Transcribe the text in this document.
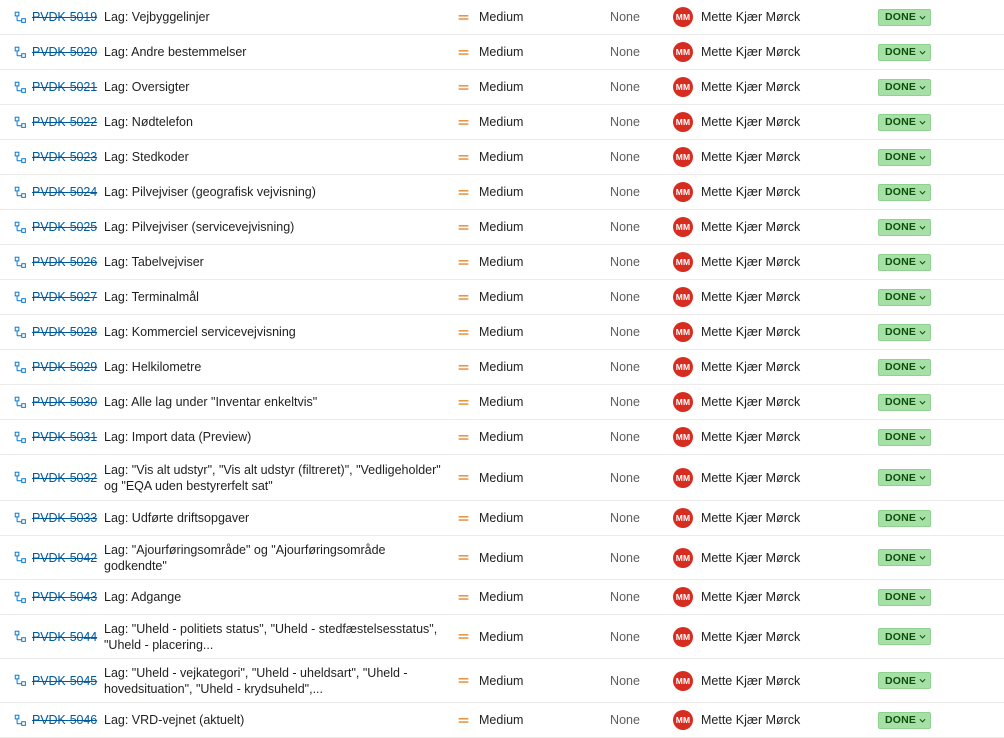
PVDK-5019 Lag: Vejbyggelinjer	Medium	None	MM Mette Kjær Mørck	DONE
PVDK-5020 Lag: Andre bestemmelser	Medium	None	MM Mette Kjær Mørck	DONE
PVDK-5021 Lag: Oversigter	Medium	None	MM Mette Kjær Mørck	DONE
PVDK-5022 Lag: Nødtelefon	Medium	None	MM Mette Kjær Mørck	DONE
PVDK-5023 Lag: Stedkoder	Medium	None	MM Mette Kjær Mørck	DONE
PVDK-5024 Lag: Pilvejviser (geografisk vejvisning)	Medium	None	MM Mette Kjær Mørck	DONE
PVDK-5025 Lag: Pilvejviser (servicevejvisning)	Medium	None	MM Mette Kjær Mørck	DONE
PVDK-5026 Lag: Tabelvejviser	Medium	None	MM Mette Kjær Mørck	DONE
PVDK-5027 Lag: Terminalmål	Medium	None	MM Mette Kjær Mørck	DONE
PVDK-5028 Lag: Kommerciel servicevejvisning	Medium	None	MM Mette Kjær Mørck	DONE
PVDK-5029 Lag: Helkilometre	Medium	None	MM Mette Kjær Mørck	DONE
PVDK-5030 Lag: Alle lag under "Inventar enkeltvis"	Medium	None	MM Mette Kjær Mørck	DONE
PVDK-5031 Lag: Import data (Preview)	Medium	None	MM Mette Kjær Mørck	DONE
PVDK-5032
Lag: "Vis alt udstyr", "Vis alt udstyr (filtreret)", "Vedligeholder" og "EQA uden bestyrerfelt sat"
Medium	None	MM Mette Kjær Mørck	DONE
PVDK-5033 Lag: Udførte driftsopgaver	Medium	None	MM Mette Kjær Mørck	DONE
PVDK-5042
Lag: "Ajourføringsområde" og "Ajourføringsområde godkendte"
Medium	None	MM Mette Kjær Mørck	DONE
PVDK-5043 Lag: Adgange	Medium	None	MM Mette Kjær Mørck	DONE
PVDK-5044
Lag: "Uheld - politiets status", "Uheld - stedfæstelsesstatus", "Uheld - placering...
Medium	None	MM Mette Kjær Mørck	DONE
PVDK-5045
Lag: "Uheld - vejkategori", "Uheld - uheldsart", "Uheld - hovedsituation", "Uheld - krydsuheld",...
Medium	None	MM Mette Kjær Mørck	DONE
PVDK-5046 Lag: VRD-vejnet (aktuelt)	Medium	None	MM Mette Kjær Mørck	DONE
